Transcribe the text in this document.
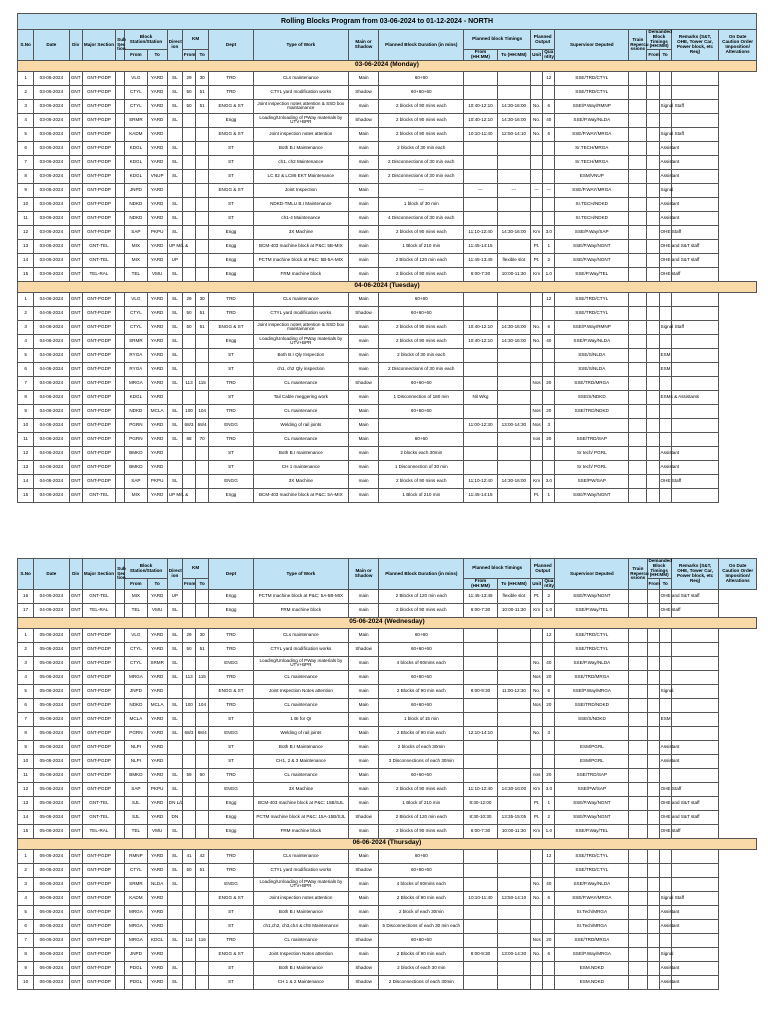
Rolling Blocks Program from 03-06-2024 to 01-12-2024 - NORTH																							
S.No	Date	Div	Major Section	Sub Sec tion	Block Station/Station		Direct ion	KM		Dept	Type of Work	Main or Shadow	Planned Block Duration (in mins)	Planned block Timings		Planned Output		Supervisor Deputed	Train Repercu ssions	Demanded Block Timings (HH:MM)		Remarks (S&T, OHE, Tower Car, Power block, etc Req)	On Date Caution Order Imposition/ Alterations
					From	To		From	To					From (HH:MM)	To (HH:MM)	Unit	Qua ntity			From	To		
03-06-2024 (Monday)																							
1	03-06-2024	GNT	GNT-PGDP		VLG	YARD	SL	29	30	TRD	CLs maintenance	Main	60+60				12	SSE/TRD/CTYL					
2	03-06-2024	GNT	GNT-PGDP		CTYL	YARD	SL	50	51	TRD	CTYL yard modification works	Shadow	60+60+60					SSE/TRD/CTYL					
3	03-06-2024	GNT	GNT-PGDP		CTYL	YARD	SL	50	51	ENGG & ST	Joint inspection notes attention & SSD box maintainance	main	2 blocks of 90 mins each	10:40-12:10	14:30-16:00	No.	6	SSE/P.Way/RMNP			Signal Staff		
4	03-06-2024	GNT	GNT-PGDP		SRMR	YARD	SL			Engg	Loading/Unloading of PWay materials by UTV+BPR	Shadow	2 blocks of 90 mins each	10:40-12:10	14:30-16:00	No.	40	SSE/P.Way/NLDA					
5	03-06-2024	GNT	GNT-PGDP		KADM	YARD				ENGG & ST	Joint inspection notes attention	Main	2 blocks of 90 mins each	10:10-11:40	12:50-14:10	No.	6	SSE/P.WAY/MRGA			Signal Staff		
6	03-06-2024	GNT	GNT-PGDP		KDGL	YARD	SL			ST	Both B.I Maintenance	main	2 blocks of 30 min each					Sr.TECH/MRGA			Assistant		
7	03-06-2024	GNT	GNT-PGDP		KDGL	YARD	SL			ST	ch1, ch2 Maintenance	main	2 Disconnections of 30 min each					Sr.TECH/MRGA			Assistant		
8	03-06-2024	GNT	GNT-PGDP		KDGL	VNUP	SL			ST	LC 82 & LC86 EKT Maintenance	main	2 Disconnections of 30 min each					ESM/VNUP			Assistant		
9	03-06-2024	GNT	GNT-PGDP		JNPD	YARD				ENGG & ST	Joint Inspection	Main	---	---	---	---	---	SSE/P.WAY/MRGA			Signal		
10	03-06-2024	GNT	GNT-PGDP		NDKD	YARD	SL			ST	NDKD-TMLU B.I Maintenance	main	1 block of 30 min					Sr.TECH/NDKD			Assistant		
11	03-06-2024	GNT	GNT-PGDP		NDKD	YARD	SL			ST	ch1-4 Maintenance	main	4 Disconnections of 30 min each					Sr.TECH/NDKD			Assistant		
12	03-06-2024	GNT	GNT-PGDP		SAP	PKPU	SL			Engg	3X Machine	main	2 blocks of 90 mins each	11:10-12:40	14:30-16:00	Km	3.0	SSE/P.Way/SAP			OHE Staff		
13	03-06-2024	GNT	GNT-TEL		MIX	YARD	UP M/L &			Engg	BCM-403 machine block at P&C: 5B-MIX	main	1 Block of 210 min	11:45-14:15		Pt.	1	SSE/P.Way/NGNT			OHE and S&T staff		
14	03-06-2024	GNT	GNT-TEL		MIX	YARD	UP			Engg	PCTM machine block at P&C: 5B-5A-MIX	main	2 Blocks of 120 min each	11:45-13:45	flexible slot	Pt.	2	SSE/P.Way/NGNT			OHE and S&T staff		
15	03-06-2024	GNT	TEL-RAL		TEL	VMU	SL			Engg	FRM machine block	main	2 blocks of 90 mins each	6:00-7:30	10:00-11:30	Km	1.0	SSE/P.Way/TEL			OHE staff		
04-06-2024 (Tuesday)																							
1	04-06-2024	GNT	GNT-PGDP		VLG	YARD	SL	29	30	TRD	CLs maintenance	Main	60+60				12	SSE/TRD/CTYL					
2	04-06-2024	GNT	GNT-PGDP		CTYL	YARD	SL	50	51	TRD	CTYL yard modification works	Shadow	60+60+60					SSE/TRD/CTYL					
3	04-06-2024	GNT	GNT-PGDP		CTYL	YARD	SL	50	51	ENGG & ST	Joint inspection notes attention & SSD box maintainance	main	2 blocks of 90 mins each	10:40-12:10	14:30-16:00	No.	6	SSE/P.Way/RMNP			Signal Staff		
4	04-06-2024	GNT	GNT-PGDP		SRMR	YARD	SL			Engg	Loading/Unloading of PWay materials by UTV+BPR	main	2 blocks of 90 mins each	10:40-12:10	14:30-16:00	No.	40	SSE/P.Way/NLDA					
5	04-06-2024	GNT	GNT-PGDP		RYGA	YARD	SL			ST	Both B.I Qly Inspection	main	2 blocks of 30 min each					SSE/S/NLDA			ESM		
6	04-06-2024	GNT	GNT-PGDP		RYGA	YARD	SL			ST	ch1, ch2 Qly inspection	main	2 Disconnections of 30 min each					SSE/S/NLDA			ESM		
7	04-06-2024	GNT	GNT-PGDP		MRGA	YARD	SL	113	115	TRD	CL maintenance	Shadow	60+60+60			Nos	20	SSE/TRD/MRGA					
8	04-06-2024	GNT	GNT-PGDP		KDGL	YARD				ST	Tail Cable meggering work	main	1 Disconnection of 180 min	Nil Wkg				SSE/S/NDKD			ESMs & Assistants		
9	04-06-2024	GNT	GNT-PGDP		NDKD	MCLA	SL	100	104	TRD	CL maintenance	Main	60+60+60			Nos	20	SSE/TRD/NDKD					
10	04-06-2024	GNT	GNT-PGDP		PGRN	YARD	SL	68/3	68/4	ENGG	Welding of rail joints	Main		11:00-12:30	13:00-14:30	Nos	3						
11	04-06-2024	GNT	GNT-PGDP		PGRN	YARD	SL	68	70	TRD	CL maintenance	Main	60+60			nos	20	SSE/TRD/SAP					
12	04-06-2024	GNT	GNT-PGDP		BMKD	YARD				ST	Both B.I maintenance	main	2 blocks each 30min					Sr tech/ PGRL			Assistant		
13	04-06-2024	GNT	GNT-PGDP		BMKD	YARD				ST	CH 1 maintenance	main	1 Disconnection of 30 min					Sr tech/ PGRL			Assistant		
14	04-06-2024	GNT	GNT-PGDP		SAP	PKPU	SL			ENGG	3X Machine	main	2 blocks of 90 mins each	11:10-12:40	14:30-16:00	Km	3.0	SSE/PW/SAP			OHE Staff		
15	04-06-2024	GNT	GNT-TEL		MIX	YARD	UP M/L &			Engg	BCM-403 machine block at P&C: 5A-MIX	main	1 Block of 210 min	11:45-14:15		Pt.	1	SSE/P.Way/NGNT					
S.No	Date	Div	Major Section	Sub Sec tion	Block Station/Station		Direct ion	KM		Dept	Type of Work	Main or Shadow	Planned Block Duration (in mins)	Planned block Timings		Planned Output		Supervisor Deputed	Train Repercu ssions	Demanded Block Timings (HH:MM)		Remarks (S&T, OHE, Tower Car, Power block, etc Req)	On Date Caution Order Imposition/ Alterations
					From	To		From	To					From (HH:MM)	To (HH:MM)	Unit	Qua ntity			From	To		
16	04-06-2024	GNT	GNT-TEL		MIX	YARD	UP			Engg	PCTM machine block at P&C: 5A-5B-MIX	main	2 Blocks of 120 min each	11:45-13:45	flexible slot	Pt.	2	SSE/P.Way/NGNT			OHE and S&T staff		
17	04-06-2024	GNT	TEL-RAL		TEL	VMU	SL			Engg	FRM machine block	main	2 blocks of 90 mins each	6:00-7:30	10:00-11:30	Km	1.0	SSE/P.Way/TEL			OHE staff		
05-06-2024 (Wednesday)																							
1	05-06-2024	GNT	GNT-PGDP		VLG	YARD	SL	29	30	TRD	CLs maintenance	Main	60+60				12	SSE/TRD/CTYL					
2	05-06-2024	GNT	GNT-PGDP		CTYL	YARD	SL	50	51	TRD	CTYL yard modification works	Shadow	60+60+60					SSE/TRD/CTYL					
3	05-06-2024	GNT	GNT-PGDP		CTYL	SRMR	SL			ENGG	Loading/Unloading of PWay materials by UTV+BPR	main	4 blocks of 60mins each			No.	40	SSE/P.Way/NLDA					
4	05-06-2024	GNT	GNT-PGDP		MRGA	YARD	SL	113	115	TRD	CL maintenance	main	60+60+60			Nos	20	SSE/TRD/MRGA					
5	05-06-2024	GNT	GNT-PGDP		JNPD	YARD				ENGG & ST	Joint Inspection Notes attention	main	2 Blocks of 90 min each	8:00-9:30	11:00-12:30	No.	6	SSE/P.Way/MRGA			Signal		
6	05-06-2024	GNT	GNT-PGDP		NDKD	MCLA	SL	100	104	TRD	CL maintenance	Main	60+60+60			Nos	20	SSE/TRD/NDKD					
7	05-06-2024	GNT	GNT-PGDP		MCLA	YARD	SL			ST	1 BI for QI	main	1 block of 15 min					SSE/S/NDKD			ESM		
8	05-06-2024	GNT	GNT-PGDP		PGRN	YARD	SL	68/3	68/4	ENGG	Welding of rail joints	Main	2 Blocks of 90 min each	12:10-14:10		No.	3						
9	05-06-2024	GNT	GNT-PGDP		NLPI	YARD				ST	Both B.I Maintenance	main	2 blocks of each 30min					ESM/PGRL			Assistant		
10	05-06-2024	GNT	GNT-PGDP		NLPI	YARD				ST	CH1, 2 & 3 Maintenance	main	3 Disconnections of each 30min					ESM/PGRL			Assistant		
11	05-06-2024	GNT	GNT-PGDP		BMKD	YARD	SL	59	60	TRD	CL maintenance	Main	60+60+60			nos	20	SSE/TRD/SAP					
12	05-06-2024	GNT	GNT-PGDP		SAP	PKPU	SL			ENGG	3X Machine	main	2 blocks of 90 mins each	11:10-12:40	14:30-16:00	Km	3.0	SSE/PW/SAP			OHE Staff		
13	05-06-2024	GNT	GNT-TEL		SJL	YARD	DN L/L			Engg	BCM-403 machine block at P&C: 15B/SJL	main	1 Block of 210 min	8:30-12:00		Pt.	1	SSE/P.Way/NGNT			OHE and S&T staff		
14	05-06-2024	GNT	GNT-TEL		SJL	YARD	DN			Engg	PCTM machine block at P&C: 15A-15B/SJL	Shadow	2 Blocks of 120 min each	8:30-10:30	13:35-15:05	Pt.	2	SSE/P.Way/NGNT			OHE and S&T staff		
15	05-06-2024	GNT	TEL-RAL		TEL	VMU	SL			Engg	FRM machine block	main	2 blocks of 90 mins each	6:00-7:30	10:00-11:30	Km	1.0	SSE/P.Way/TEL			OHE staff		
06-06-2024 (Thursday)																							
1	06-06-2024	GNT	GNT-PGDP		RMNP	YARD	SL	41	42	TRD	CLs maintenance	Main	60+60				12	SSE/TRD/CTYL					
2	06-06-2024	GNT	GNT-PGDP		CTYL	YARD	SL	50	51	TRD	CTYL yard modification works	Shadow	60+60+60					SSE/TRD/CTYL					
3	06-06-2024	GNT	GNT-PGDP		SRMR	NLDA	SL			ENGG	Loading/Unloading of PWay materials by UTV+BPR	main	4 blocks of 60mins each			No.	40	SSE/P.Way/NLDA					
4	06-06-2024	GNT	GNT-PGDP		KADM	YARD				ENGG & ST	Joint inspection notes attention	Main	2 Blocks of 90 min each	10:10-11:40	12:50-14:10	No.	6	SSE/P.WAY/MRGA			Signal Staff		
5	06-06-2024	GNT	GNT-PGDP		MRGA	YARD				ST	Both B.I Maintenance	main	2 block of each 30min					Sr.Tech/MRGA			Assistant		
6	06-06-2024	GNT	GNT-PGDP		MRGA	YARD				ST	ch1,ch2, ch3,ch4 & ch5 Maintenance	main	5 Disconnections of each 30 min each					Sr.Tech/MRGA			Assistant		
7	06-06-2024	GNT	GNT-PGDP		MRGA	KDGL	SL	114	116	TRD	CL maintenance	Shadow	60+60+60			Nos	20	SSE/TRD/MRGA					
8	06-06-2024	GNT	GNT-PGDP		JNPD	YARD				ENGG & ST	Joint Inspection Notes attention	main	2 Blocks of 90 min each	8:00-9:30	13:00-14:30	No.	6	SSE/P.Way/MRGA			Signal		
9	06-06-2024	GNT	GNT-PGDP		PDGL	YARD	SL			ST	Both B.I Maintenance	Shadow	2 blocks of each 30 min					ESM.NDKD			Assistant		
10	06-06-2024	GNT	GNT-PGDP		PDGL	YARD	SL			ST	CH 1 & 2 Maintenance	Shadow	2 Disconnections of each 30min					ESM.NDKD			Assistant		
